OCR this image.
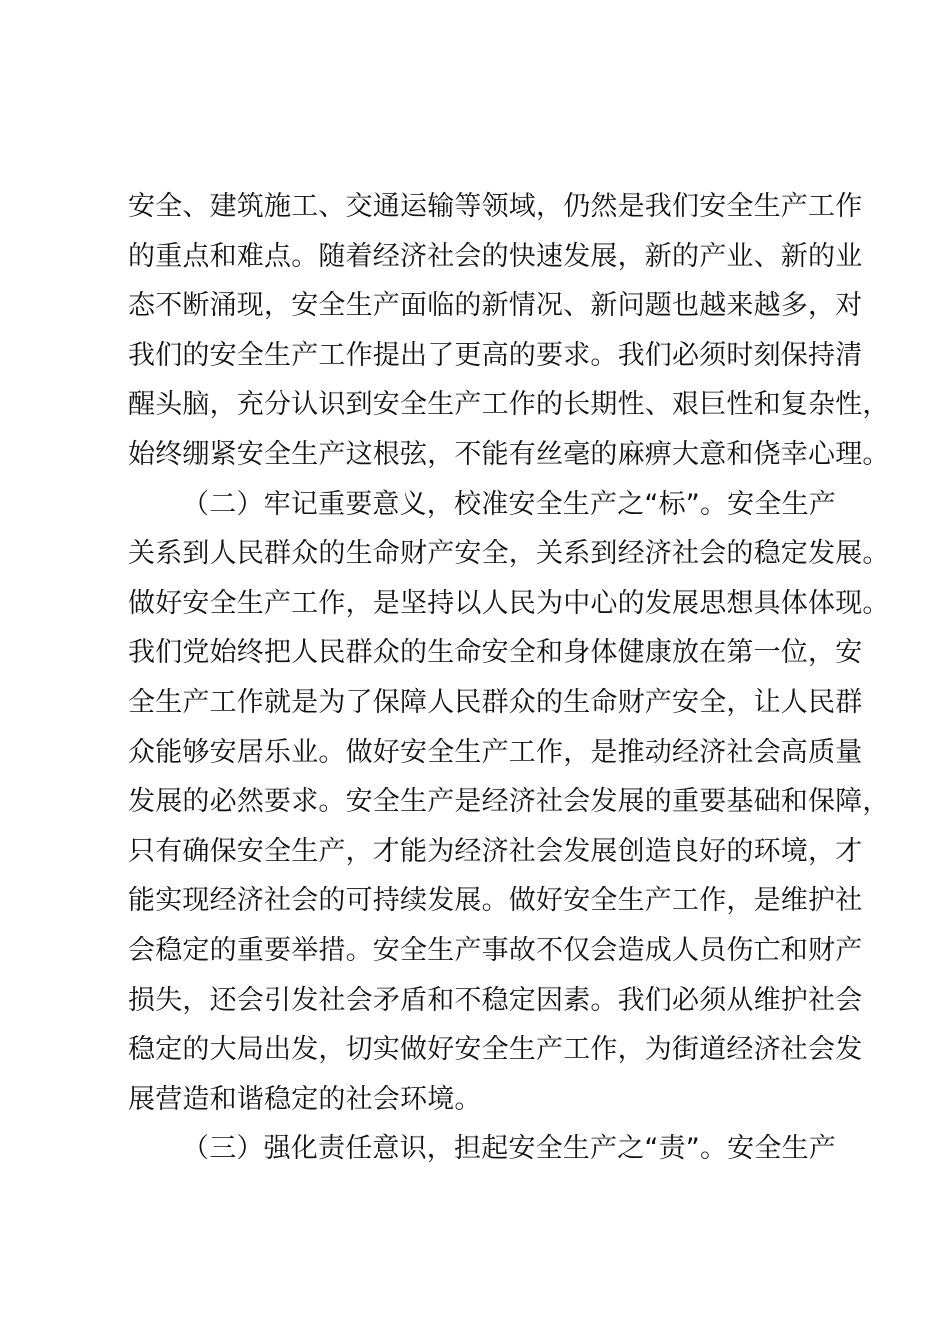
安全、建筑施工、交通运输等领域，仍然是我们安全生产工作
的重点和难点。随着经济社会的快速发展，新的产业、新的业
态不断涌现，安全生产面临的新情况、新问题也越来越多，对
我们的安全生产工作提出了更高的要求。我们必须时刻保持清
醒头脑，充分认识到安全生产工作的长期性、艰巨性和复杂性，
始终绷紧安全生产这根弦，不能有丝毫的麻痹大意和侥幸心理。
（二）牢记重要意义，校准安全生产之“标”。安全生产
关系到人民群众的生命财产安全，关系到经济社会的稳定发展。
做好安全生产工作，是坚持以人民为中心的发展思想具体体现。
我们党始终把人民群众的生命安全和身体健康放在第一位，安
全生产工作就是为了保障人民群众的生命财产安全，让人民群
众能够安居乐业。做好安全生产工作，是推动经济社会高质量
发展的必然要求。安全生产是经济社会发展的重要基础和保障，
只有确保安全生产，才能为经济社会发展创造良好的环境，才
能实现经济社会的可持续发展。做好安全生产工作，是维护社
会稳定的重要举措。安全生产事故不仅会造成人员伤亡和财产
损失，还会引发社会矛盾和不稳定因素。我们必须从维护社会
稳定的大局出发，切实做好安全生产工作，为街道经济社会发
展营造和谐稳定的社会环境。
（三）强化责任意识，担起安全生产之“责”。安全生产
